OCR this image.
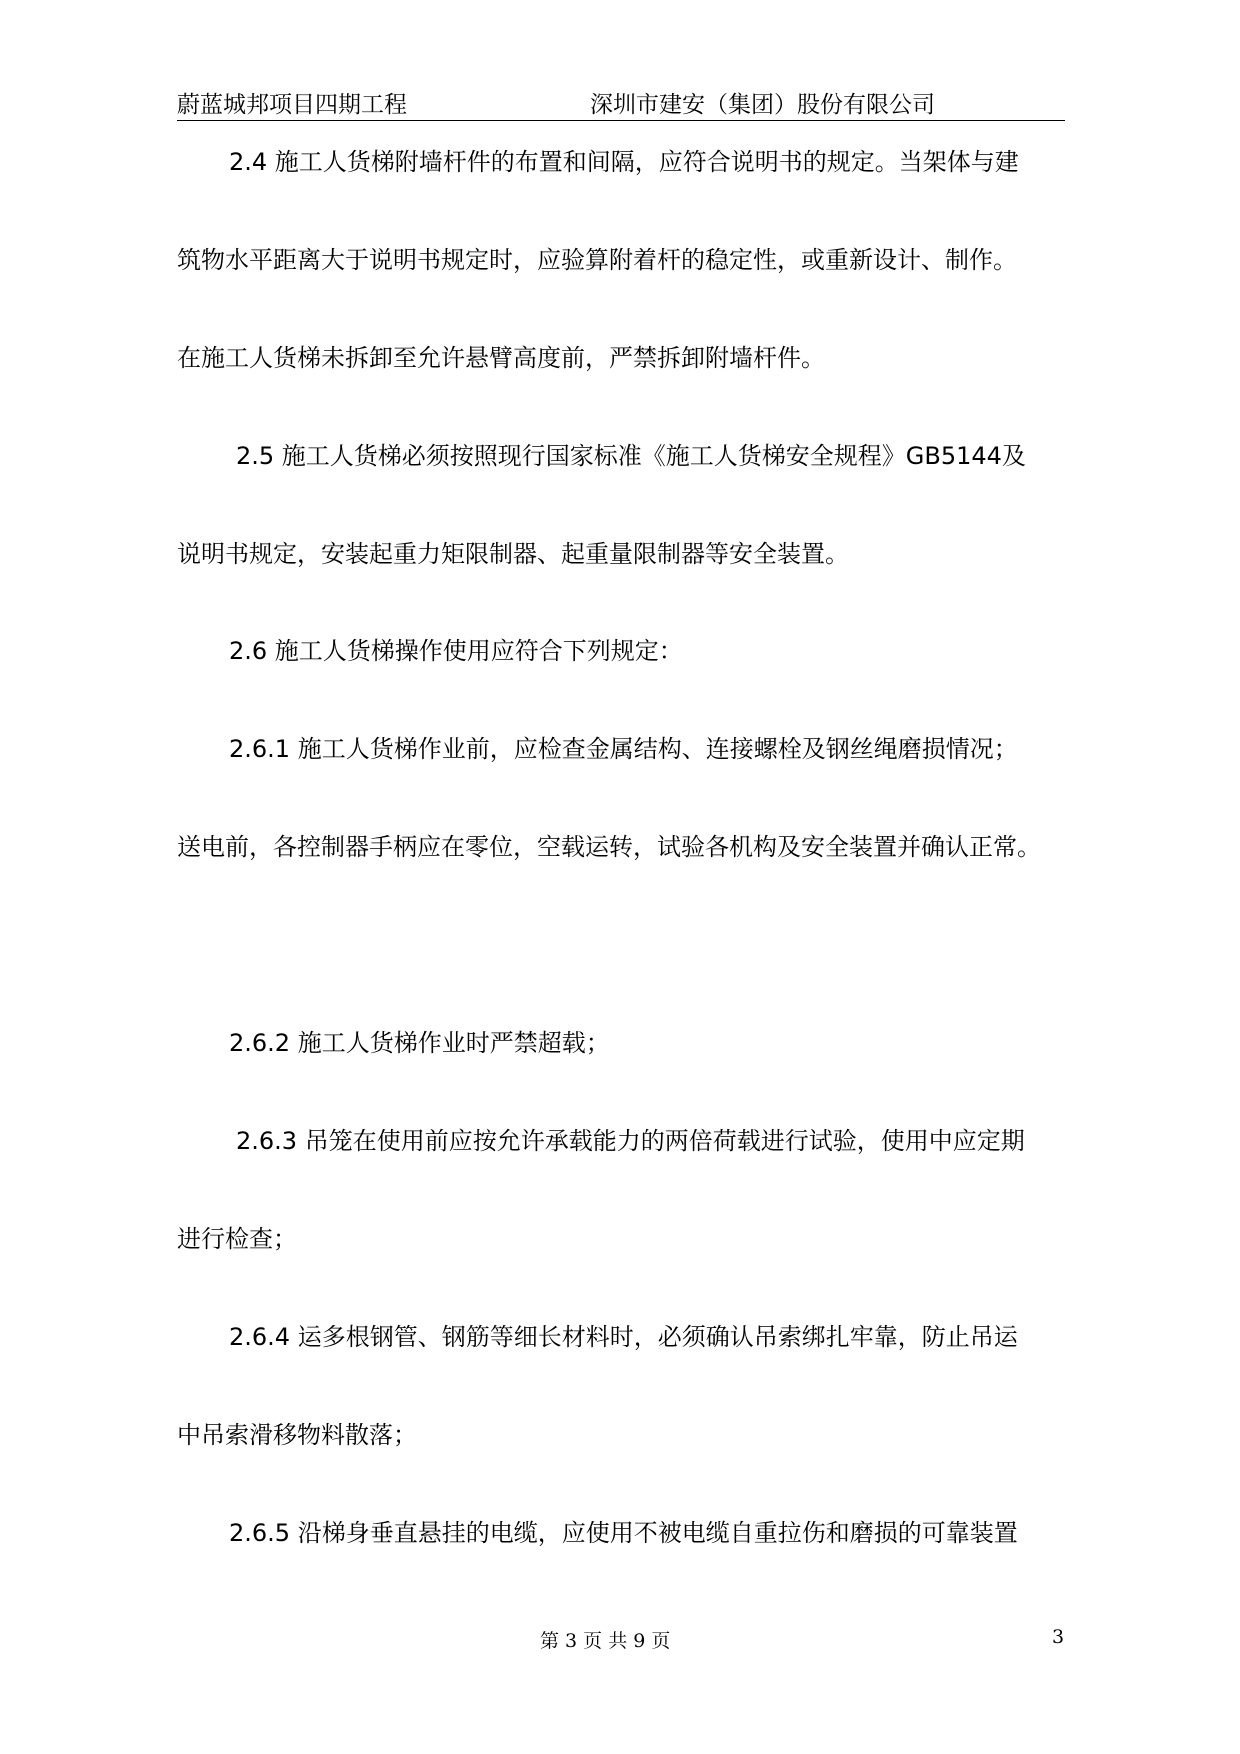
蔚蓝城邦项目四期工程	深圳市建安（集团）股份有限公司
2.4 施工人货梯附墙杆件的布置和间隔，应符合说明书的规定。当架体与建
筑物水平距离大于说明书规定时，应验算附着杆的稳定性，或重新设计、制作。
在施工人货梯未拆卸至允许悬臂高度前，严禁拆卸附墙杆件。
2.5 施工人货梯必须按照现行国家标准《施工人货梯安全规程》GB5144及
说明书规定，安装起重力矩限制器、起重量限制器等安全装置。
2.6 施工人货梯操作使用应符合下列规定：
2.6.1 施工人货梯作业前，应检查金属结构、连接螺栓及钢丝绳磨损情况；
送电前，各控制器手柄应在零位，空载运转，试验各机构及安全装置并确认正常。
2.6.2 施工人货梯作业时严禁超载；
2.6.3 吊笼在使用前应按允许承载能力的两倍荷载进行试验，使用中应定期
进行检查；
2.6.4 运多根钢管、钢筋等细长材料时，必须确认吊索绑扎牢靠，防止吊运
中吊索滑移物料散落；
2.6.5 沿梯身垂直悬挂的电缆，应使用不被电缆自重拉伤和磨损的可靠装置
第 3 页 共 9 页	3
